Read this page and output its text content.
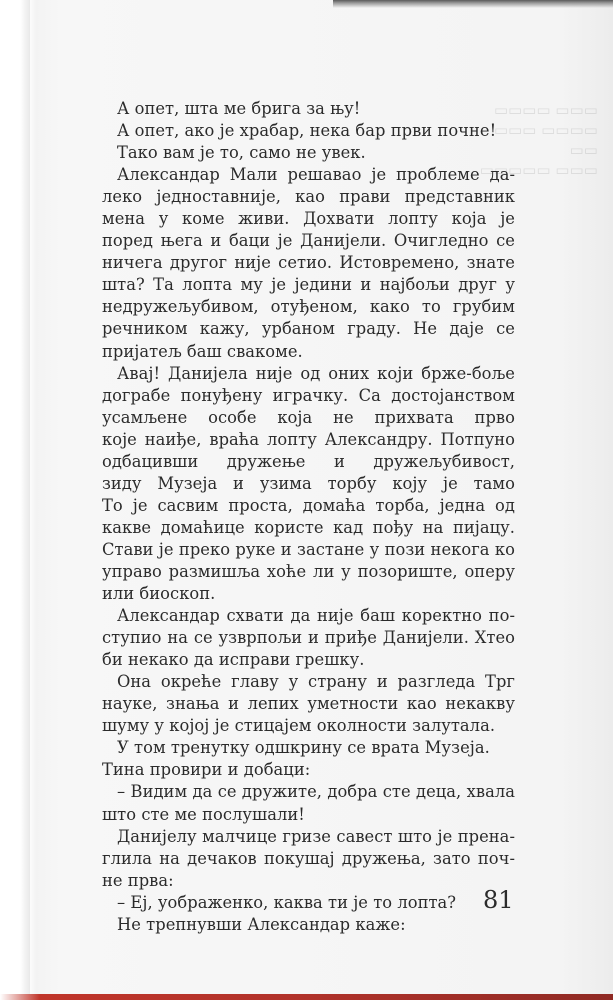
▭▭▭ ▭▭▭▭
▭▭▭▭ ▭▭▭ ▭▭
▭▭▭ ▭▭▭▭▭
А опет, шта ме брига за њу!
А опет, ако је храбар, нека бар први почне!
Тако вам је то, само не увек.
Александар Мали решавао је проблеме да-
леко једноставније, као прави представник
мена у коме живи. Дохвати лопту која је
поред њега и баци је Данијели. Очигледно се
ничега другог није сетио. Истовремено, знате
шта? Та лопта му је једини и најбољи друг у
недружељубивом, отуђеном, како то грубим
речником кажу, урбаном граду. Не даје се
пријатељ баш свакоме.
Авај! Данијела није од оних који брже-боље
дограбе понуђену играчку. Са достојанством
усамљене особе која не прихвата прво
које наиђе, враћа лопту Александру. Потпуно
одбацивши дружење и дружељубивост,
зиду Музеја и узима торбу коју је тамо
То је сасвим проста, домаћа торба, једна од
какве домаћице користе кад пођу на пијацу.
Стави је преко руке и застане у пози некога ко
управо размишља хоће ли у позориште, оперу
или биоскоп.
Александар схвати да није баш коректно по-
ступио на се узврпољи и приђе Данијели. Хтео
би некако да исправи грешку.
Она окреће главу у страну и разгледа Трг
науке, знања и лепих уметности као некакву
шуму у којој је стицајем околности залутала.
У том тренутку одшкрину се врата Музеја.
Тина провири и добаци:
– Видим да се дружите, добра сте деца, хвала
што сте ме послушали!
Данијелу малчице гризе савест што је прена-
глила на дечаков покушај дружења, зато поч-
не прва:
– Еј, уображенко, каква ти је то лопта?
Не трепнувши Александар каже:
81
